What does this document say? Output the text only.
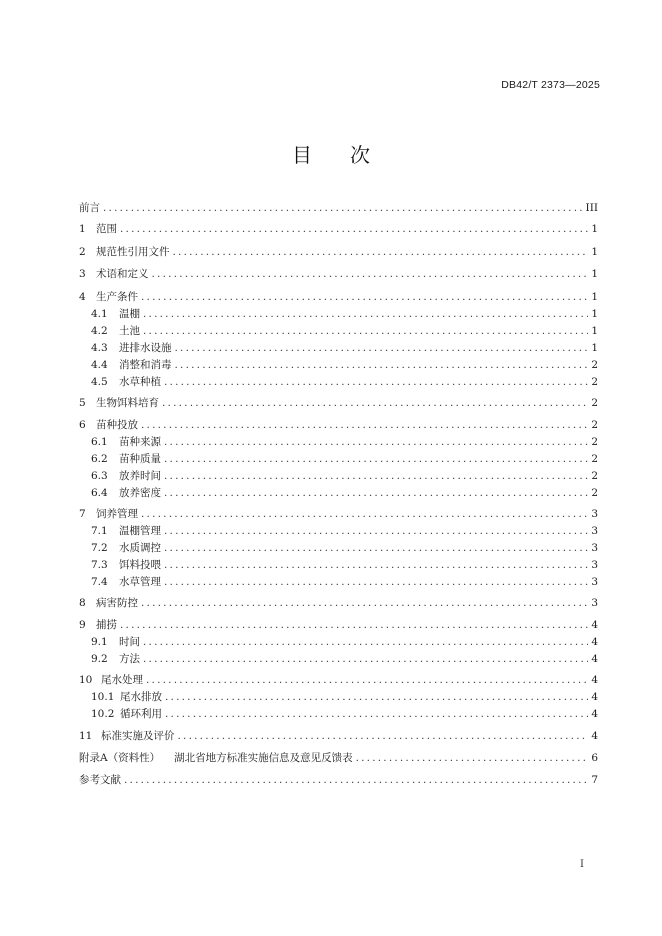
DB42/T 2373—2025
目 次
前言 .....	III
1 范围 .....	1
2 规范性引用文件 .....	1
3 术语和定义 .....	1
4 生产条件 .....	1
4.1	温棚 .....	1
4.2	土池 .....	1
4.3	进排水设施 .....	1
4.4	消整和消毒 .....	2
4.5	水草种植 .....	2
5 生物饵料培育 .....	2
6 苗种投放 .....	2
6.1	苗种来源 .....	2
6.2	苗种质量 .....	2
6.3	放养时间 .....	2
6.4	放养密度 .....	2
7 饲养管理 .....	3
7.1	温棚管理 .....	3
7.2	水质调控 .....	3
7.3	饵料投喂 .....	3
7.4	水草管理 .....	3
8 病害防控 .....	3
9 捕捞 .....	4
9.1	时间 .....	4
9.2	方法 .....	4
10 尾水处理 .....	4
10.1 尾水排放 .....	4
10.2 循环利用 .....	4
11 标准实施及评价 .....	4
附录A（资料性） 湖北省地方标准实施信息及意见反馈表 .....	6
参考文献 .....	7
I
